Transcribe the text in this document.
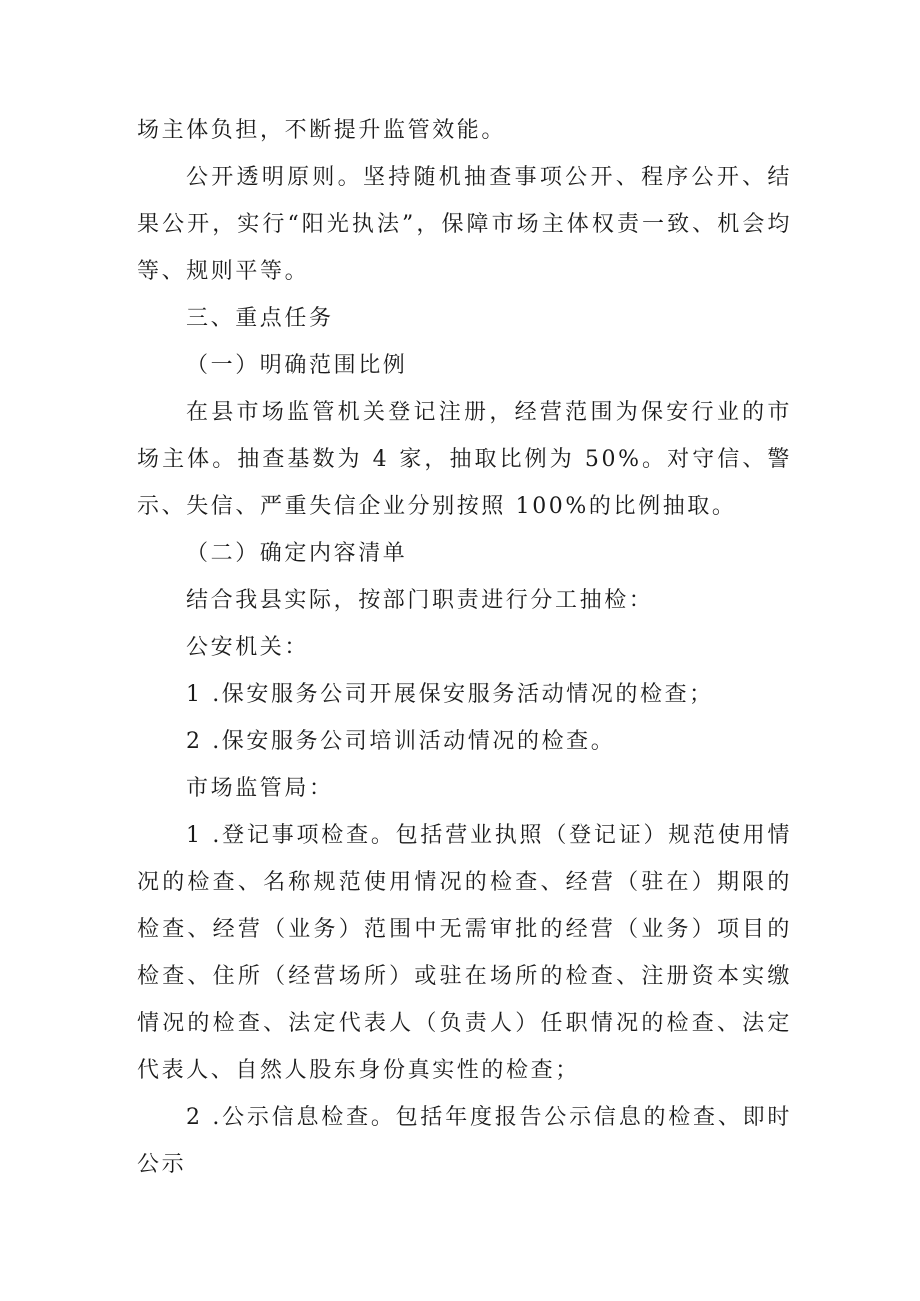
场主体负担，不断提升监管效能。

公开透明原则。坚持随机抽查事项公开、程序公开、结果公开，实行“阳光执法”，保障市场主体权责一致、机会均等、规则平等。

三、重点任务

（一）明确范围比例

在县市场监管机关登记注册，经营范围为保安行业的市场主体。抽查基数为 4 家，抽取比例为 50%。对守信、警示、失信、严重失信企业分别按照 100%的比例抽取。

（二）确定内容清单

结合我县实际，按部门职责进行分工抽检：

公安机关：

1 .保安服务公司开展保安服务活动情况的检查；

2 .保安服务公司培训活动情况的检查。

市场监管局：

1 .登记事项检查。包括营业执照（登记证）规范使用情况的检查、名称规范使用情况的检查、经营（驻在）期限的检查、经营（业务）范围中无需审批的经营（业务）项目的检查、住所（经营场所）或驻在场所的检查、注册资本实缴情况的检查、法定代表人（负责人）任职情况的检查、法定代表人、自然人股东身份真实性的检查；

2 .公示信息检查。包括年度报告公示信息的检查、即时公示
